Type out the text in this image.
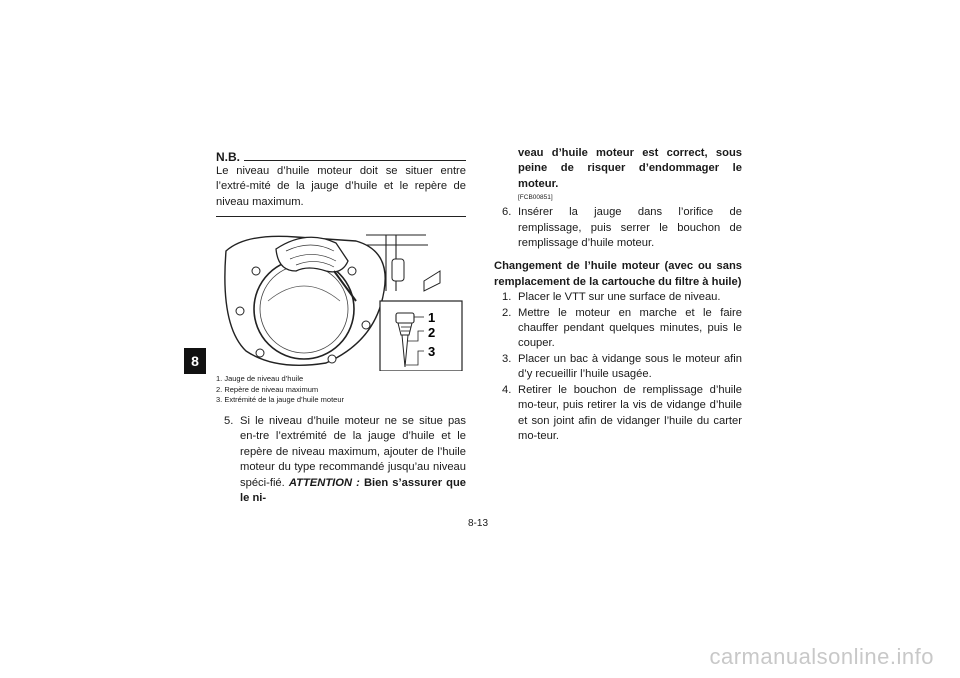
8
N.B.
Le niveau d’huile moteur doit se situer entre l’extré-mité de la jauge d’huile et le repère de niveau maximum.
1
2
3
1. Jauge de niveau d’huile
2. Repère de niveau maximum
3. Extrémité de la jauge d’huile moteur
5. Si le niveau d’huile moteur ne se situe pas en-tre l’extrémité de la jauge d’huile et le repère de niveau maximum, ajouter de l’huile moteur du type recommandé jusqu’au niveau spéci-fié. ATTENTION : Bien s’assurer que le ni-
veau d’huile moteur est correct, sous peine de risquer d’endommager le moteur.
[FCB00851]
6. Insérer la jauge dans l’orifice de remplissage, puis serrer le bouchon de remplissage d’huile moteur.
Changement de l’huile moteur (avec ou sans remplacement de la cartouche du filtre à huile)
1. Placer le VTT sur une surface de niveau.
2. Mettre le moteur en marche et le faire chauffer pendant quelques minutes, puis le couper.
3. Placer un bac à vidange sous le moteur afin d’y recueillir l’huile usagée.
4. Retirer le bouchon de remplissage d’huile mo-teur, puis retirer la vis de vidange d’huile et son joint afin de vidanger l’huile du carter mo-teur.
8-13
carmanualsonline.info
